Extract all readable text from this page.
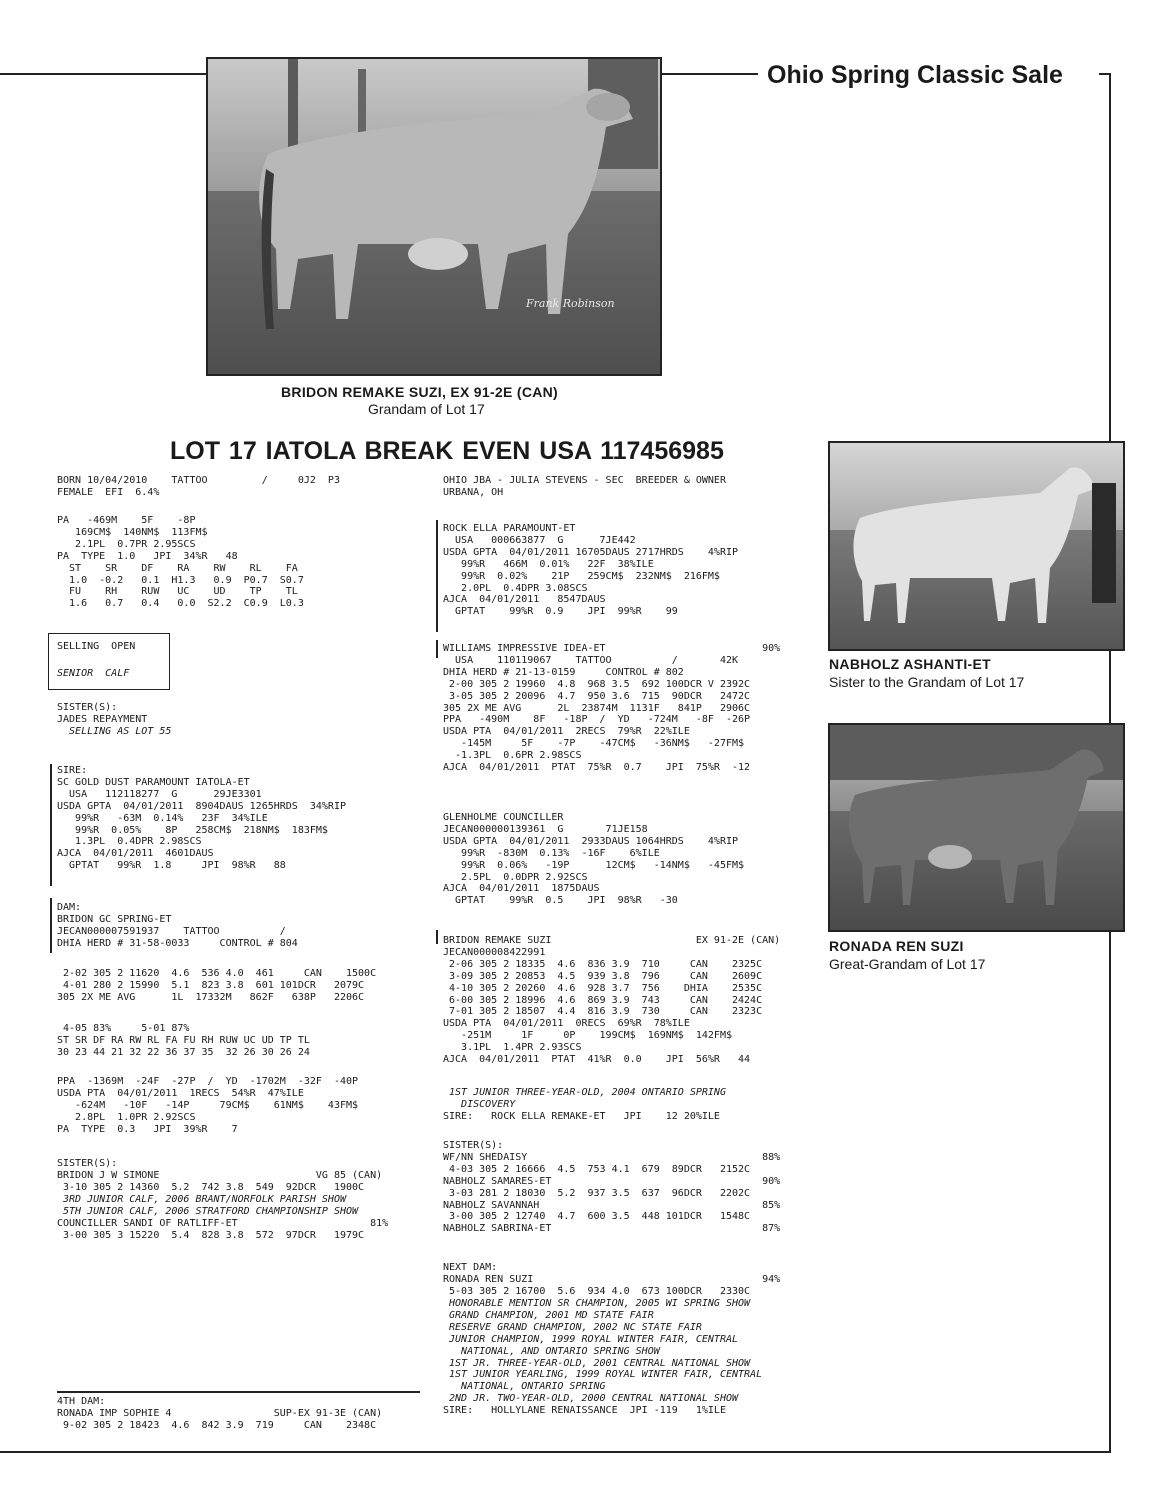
Ohio Spring Classic Sale
Frank Robinson
BRIDON REMAKE SUZI, EX 91-2E (CAN)
Grandam of Lot 17
NABHOLZ ASHANTI-ET
Sister to the Grandam of Lot 17
RONADA REN SUZI
Great-Grandam of Lot 17
LOT 17 IATOLA BREAK EVEN USA 117456985
BORN 10/04/2010    TATTOO         /     0J2  P3
FEMALE  EFI  6.4%
PA   -469M    5F    -8P
169CM$  140NM$  113FM$
2.1PL  0.7PR 2.95SCS
PA  TYPE  1.0   JPI  34%R   48
ST    SR    DF    RA    RW    RL    FA
1.0  -0.2   0.1  H1.3   0.9  P0.7  S0.7
FU    RH    RUW   UC    UD    TP    TL
1.6   0.7   0.4   0.0  S2.2  C0.9  L0.3
SELLING  OPEN
SENIOR  CALF
SISTER(S):
JADES REPAYMENT
SELLING AS LOT 55
SIRE:
SC GOLD DUST PARAMOUNT IATOLA-ET
USA   112118277  G      29JE3301
USDA GPTA  04/01/2011  8904DAUS 1265HRDS  34%RIP
99%R   -63M  0.14%   23F  34%ILE
99%R  0.05%    8P   258CM$  218NM$  183FM$
1.3PL  0.4DPR 2.98SCS
AJCA  04/01/2011  4601DAUS
GPTAT   99%R  1.8     JPI  98%R   88
DAM:
BRIDON GC SPRING-ET
JECAN000007591937    TATTOO          /
DHIA HERD # 31-58-0033     CONTROL # 804
2-02 305 2 11620  4.6  536 4.0  461     CAN    1500C
4-01 280 2 15990  5.1  823 3.8  601 101DCR   2079C
305 2X ME AVG      1L  17332M   862F   638P   2206C
4-05 83%     5-01 87%
ST SR DF RA RW RL FA FU RH RUW UC UD TP TL
30 23 44 21 32 22 36 37 35  32 26 30 26 24
PPA  -1369M  -24F  -27P  /  YD  -1702M  -32F  -40P
USDA PTA  04/01/2011  1RECS  54%R  47%ILE
-624M   -10F   -14P     79CM$    61NM$    43FM$
2.8PL  1.0PR 2.92SCS
PA  TYPE  0.3   JPI  39%R    7
SISTER(S):
BRIDON J W SIMONE                          VG 85 (CAN)
3-10 305 2 14360  5.2  742 3.8  549  92DCR   1900C
3RD JUNIOR CALF, 2006 BRANT/NORFOLK PARISH SHOW
5TH JUNIOR CALF, 2006 STRATFORD CHAMPIONSHIP SHOW
COUNCILLER SANDI OF RATLIFF-ET                      81%
3-00 305 3 15220  5.4  828 3.8  572  97DCR   1979C
4TH DAM:
RONADA IMP SOPHIE 4                 SUP-EX 91-3E (CAN)
9-02 305 2 18423  4.6  842 3.9  719     CAN    2348C
OHIO JBA - JULIA STEVENS - SEC  BREEDER & OWNER
URBANA, OH
ROCK ELLA PARAMOUNT-ET
USA   000663877  G      7JE442
USDA GPTA  04/01/2011 16705DAUS 2717HRDS    4%RIP
99%R   466M  0.01%   22F  38%ILE
99%R  0.02%    21P   259CM$  232NM$  216FM$
2.0PL  0.4DPR 3.08SCS
AJCA  04/01/2011   8547DAUS
GPTAT    99%R  0.9    JPI  99%R    99
WILLIAMS IMPRESSIVE IDEA-ET                          90%
USA    110119067    TATTOO          /       42K
DHIA HERD # 21-13-0159     CONTROL # 802
2-00 305 2 19960  4.8  968 3.5  692 100DCR V 2392C
3-05 305 2 20096  4.7  950 3.6  715  90DCR   2472C
305 2X ME AVG      2L  23874M  1131F   841P   2906C
PPA   -490M    8F   -18P  /  YD   -724M   -8F  -26P
USDA PTA  04/01/2011  2RECS  79%R  22%ILE
-145M     5F    -7P    -47CM$   -36NM$   -27FM$
-1.3PL  0.6PR 2.98SCS
AJCA  04/01/2011  PTAT  75%R  0.7    JPI  75%R  -12
GLENHOLME COUNCILLER
JECAN000000139361  G       71JE158
USDA GPTA  04/01/2011  2933DAUS 1064HRDS    4%RIP
99%R  -830M  0.13%  -16F    6%ILE
99%R  0.06%   -19P      12CM$   -14NM$   -45FM$
2.5PL  0.0DPR 2.92SCS
AJCA  04/01/2011  1875DAUS
GPTAT    99%R  0.5    JPI  98%R   -30
BRIDON REMAKE SUZI                        EX 91-2E (CAN)
JECAN000008422991
2-06 305 2 18335  4.6  836 3.9  710     CAN    2325C
3-09 305 2 20853  4.5  939 3.8  796     CAN    2609C
4-10 305 2 20260  4.6  928 3.7  756    DHIA    2535C
6-00 305 2 18996  4.6  869 3.9  743     CAN    2424C
7-01 305 2 18507  4.4  816 3.9  730     CAN    2323C
USDA PTA  04/01/2011  0RECS  69%R  78%ILE
-251M     1F     0P    199CM$  169NM$  142FM$
3.1PL  1.4PR 2.93SCS
AJCA  04/01/2011  PTAT  41%R  0.0    JPI  56%R   44
1ST JUNIOR THREE-YEAR-OLD, 2004 ONTARIO SPRING
DISCOVERY
SIRE:   ROCK ELLA REMAKE-ET   JPI    12 20%ILE
SISTER(S):
WF/NN SHEDAISY                                       88%
4-03 305 2 16666  4.5  753 4.1  679  89DCR   2152C
NABHOLZ SAMARES-ET                                   90%
3-03 281 2 18030  5.2  937 3.5  637  96DCR   2202C
NABHOLZ SAVANNAH                                     85%
3-00 305 2 12740  4.7  600 3.5  448 101DCR   1548C
NABHOLZ SABRINA-ET                                   87%
NEXT DAM:
RONADA REN SUZI                                      94%
5-03 305 2 16700  5.6  934 4.0  673 100DCR   2330C
HONORABLE MENTION SR CHAMPION, 2005 WI SPRING SHOW
GRAND CHAMPION, 2001 MD STATE FAIR
RESERVE GRAND CHAMPION, 2002 NC STATE FAIR
JUNIOR CHAMPION, 1999 ROYAL WINTER FAIR, CENTRAL
NATIONAL, AND ONTARIO SPRING SHOW
1ST JR. THREE-YEAR-OLD, 2001 CENTRAL NATIONAL SHOW
1ST JUNIOR YEARLING, 1999 ROYAL WINTER FAIR, CENTRAL
NATIONAL, ONTARIO SPRING
2ND JR. TWO-YEAR-OLD, 2000 CENTRAL NATIONAL SHOW
SIRE:   HOLLYLANE RENAISSANCE  JPI -119   1%ILE
